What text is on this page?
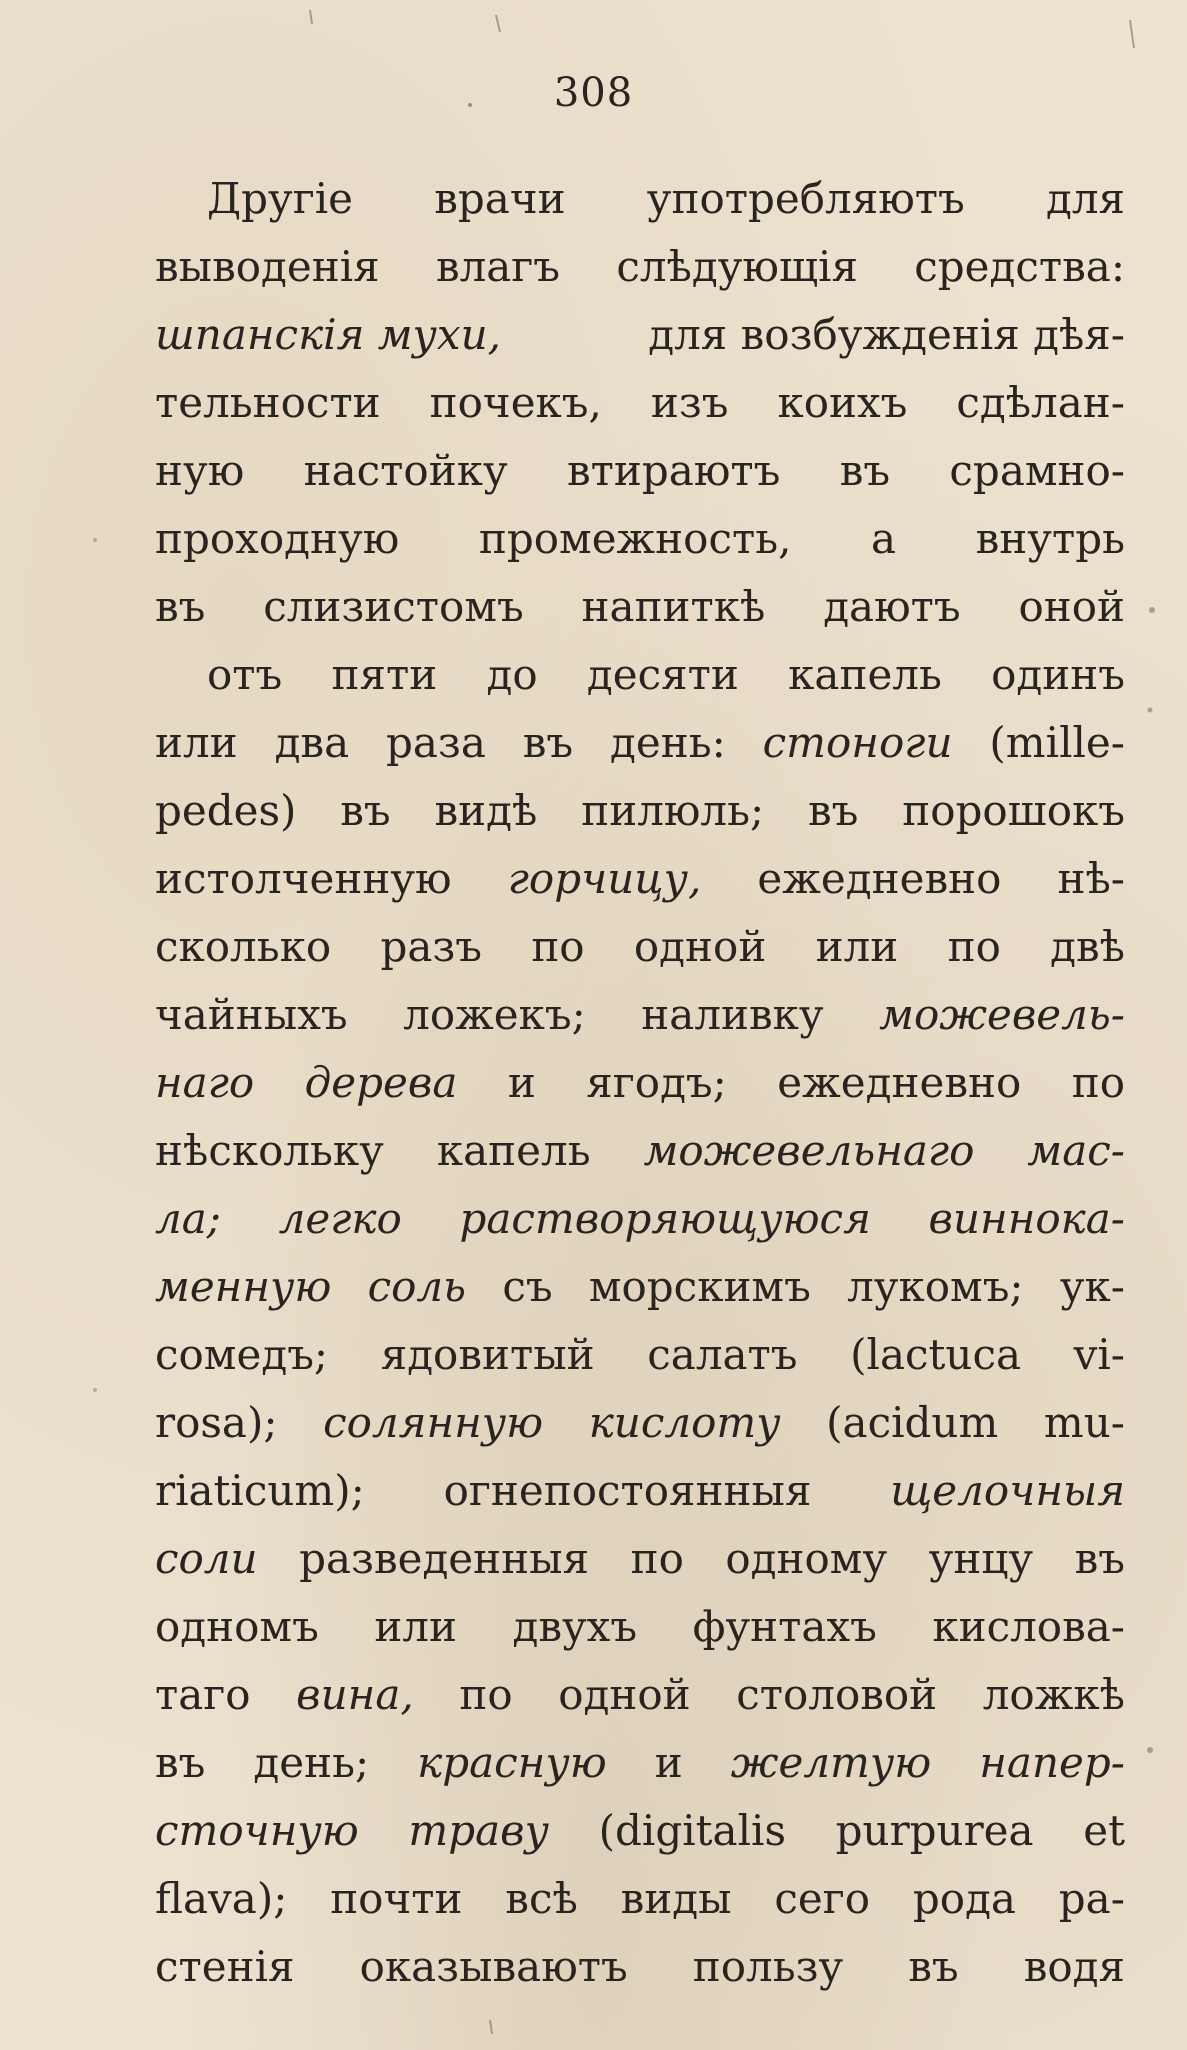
308
Другіе врачи употребляютъ для
выводенія влагъ слѣдующія средства:
шпанскія мухи,	для возбужденія дѣя-
тельности почекъ, изъ коихъ сдѣлан-
ную настойку втираютъ въ срамно-
проходную промежность, а внутрь
въ слизистомъ напиткѣ даютъ оной
отъ пяти до десяти капель одинъ
или два раза въ день: стоноги (mille-
pedes) въ видѣ пилюль; въ порошокъ
истолченную горчицу, ежедневно нѣ-
сколько разъ по одной или по двѣ
чайныхъ ложекъ; наливку можевель-
наго дерева и ягодъ; ежедневно по
нѣскольку капель можевельнаго мас-
ла; легко растворяющуюся виннока-
менную соль съ морскимъ лукомъ; ук-
сомедъ; ядовитый салатъ (lactuca vi-
rosa); солянную кислоту (acidum mu-
riaticum); огнепостоянныя щелочныя
соли разведенныя по одному унцу въ
одномъ или двухъ фунтахъ кислова-
таго вина, по одной столовой ложкѣ
въ день; красную и желтую напер-
сточную траву (digitalis purpurea et
flava); почти всѣ виды сего рода ра-
стенія оказываютъ пользу въ водя
